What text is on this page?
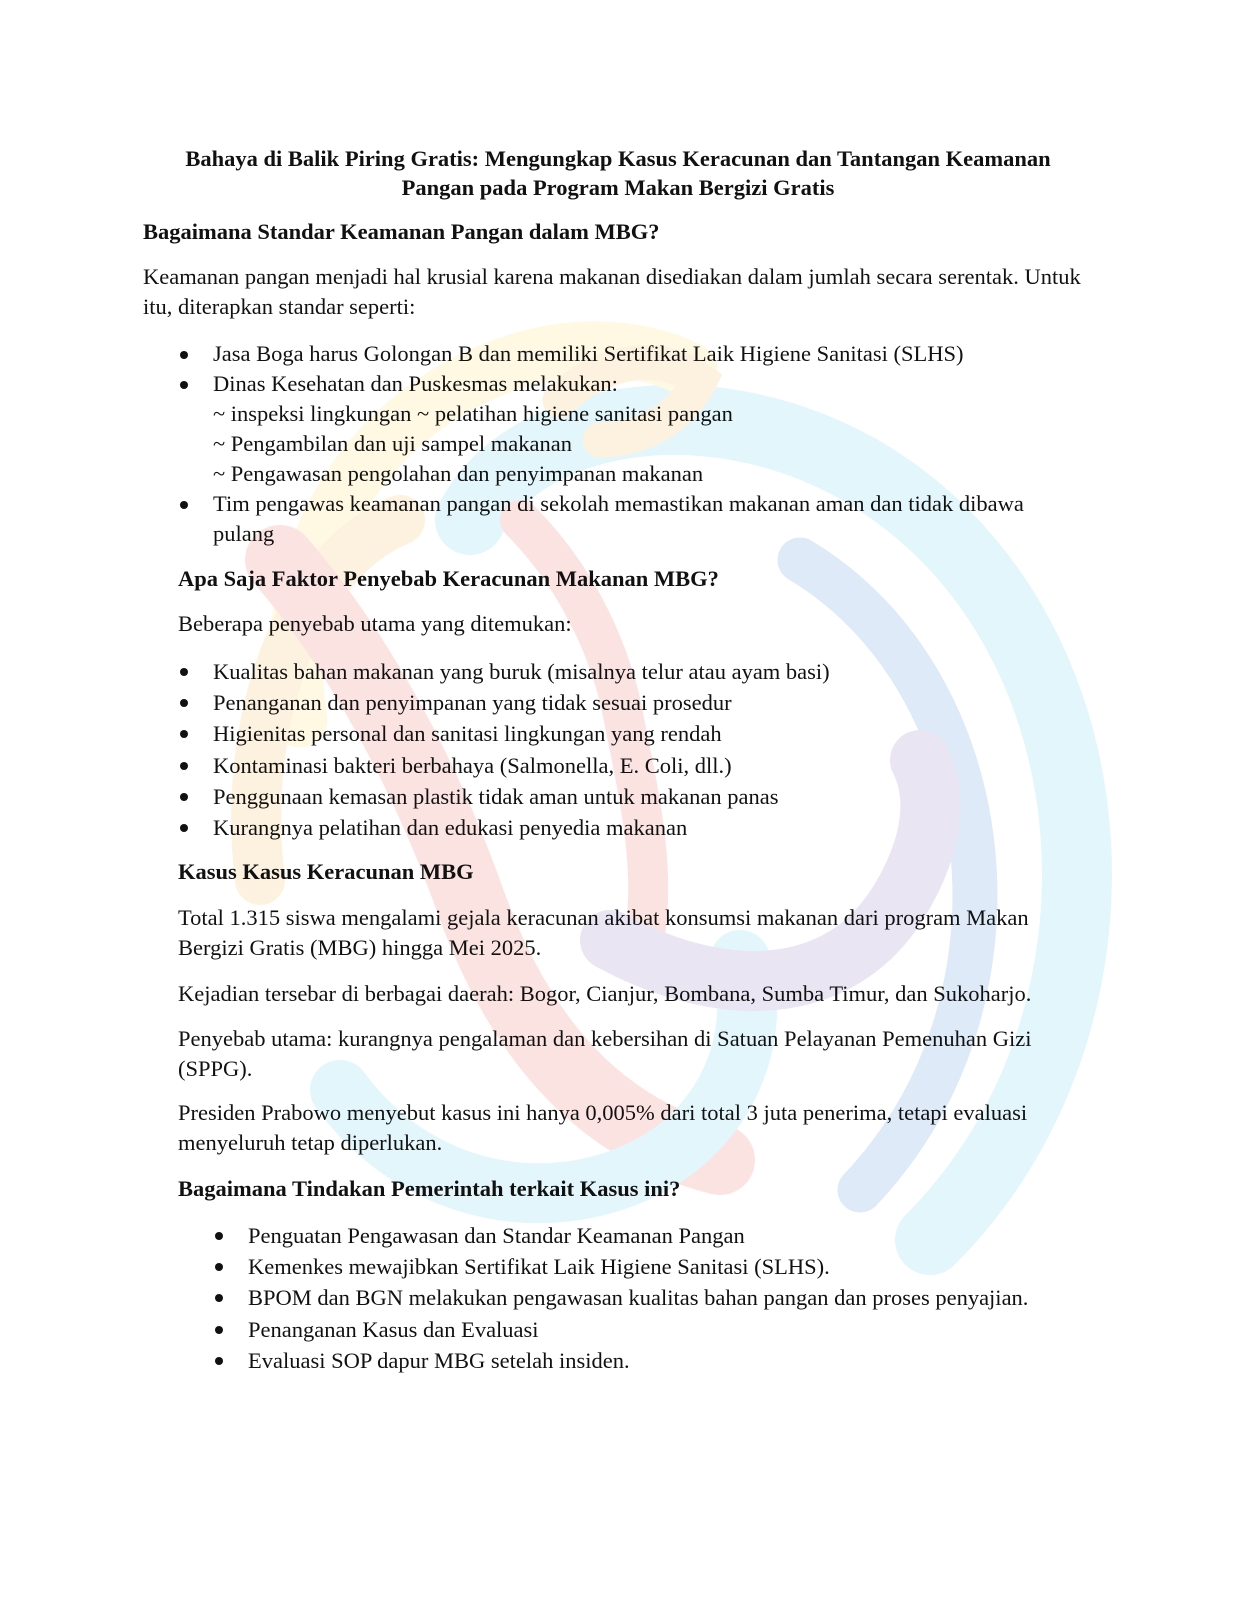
Bahaya di Balik Piring Gratis: Mengungkap Kasus Keracunan dan Tantangan Keamanan
Pangan pada Program Makan Bergizi Gratis
Bagaimana Standar Keamanan Pangan dalam MBG?

Keamanan pangan menjadi hal krusial karena makanan disediakan dalam jumlah secara serentak. Untuk itu, diterapkan standar seperti:

Jasa Boga harus Golongan B dan memiliki Sertifikat Laik Higiene Sanitasi (SLHS)
Dinas Kesehatan dan Puskesmas melakukan:
~ inspeksi lingkungan ~ pelatihan higiene sanitasi pangan
~ Pengambilan dan uji sampel makanan
~ Pengawasan pengolahan dan penyimpanan makanan
Tim pengawas keamanan pangan di sekolah memastikan makanan aman dan tidak dibawa pulang
Apa Saja Faktor Penyebab Keracunan Makanan MBG?

Beberapa penyebab utama yang ditemukan:

Kualitas bahan makanan yang buruk (misalnya telur atau ayam basi)
Penanganan dan penyimpanan yang tidak sesuai prosedur
Higienitas personal dan sanitasi lingkungan yang rendah
Kontaminasi bakteri berbahaya (Salmonella, E. Coli, dll.)
Penggunaan kemasan plastik tidak aman untuk makanan panas
Kurangnya pelatihan dan edukasi penyedia makanan
Kasus Kasus Keracunan MBG

Total 1.315 siswa mengalami gejala keracunan akibat konsumsi makanan dari program Makan Bergizi Gratis (MBG) hingga Mei 2025.

Kejadian tersebar di berbagai daerah: Bogor, Cianjur, Bombana, Sumba Timur, dan Sukoharjo.

Penyebab utama: kurangnya pengalaman dan kebersihan di Satuan Pelayanan Pemenuhan Gizi (SPPG).

Presiden Prabowo menyebut kasus ini hanya 0,005% dari total 3 juta penerima, tetapi evaluasi menyeluruh tetap diperlukan.

Bagaimana Tindakan Pemerintah terkait Kasus ini?
Penguatan Pengawasan dan Standar Keamanan Pangan
Kemenkes mewajibkan Sertifikat Laik Higiene Sanitasi (SLHS).
BPOM dan BGN melakukan pengawasan kualitas bahan pangan dan proses penyajian.
Penanganan Kasus dan Evaluasi
Evaluasi SOP dapur MBG setelah insiden.
